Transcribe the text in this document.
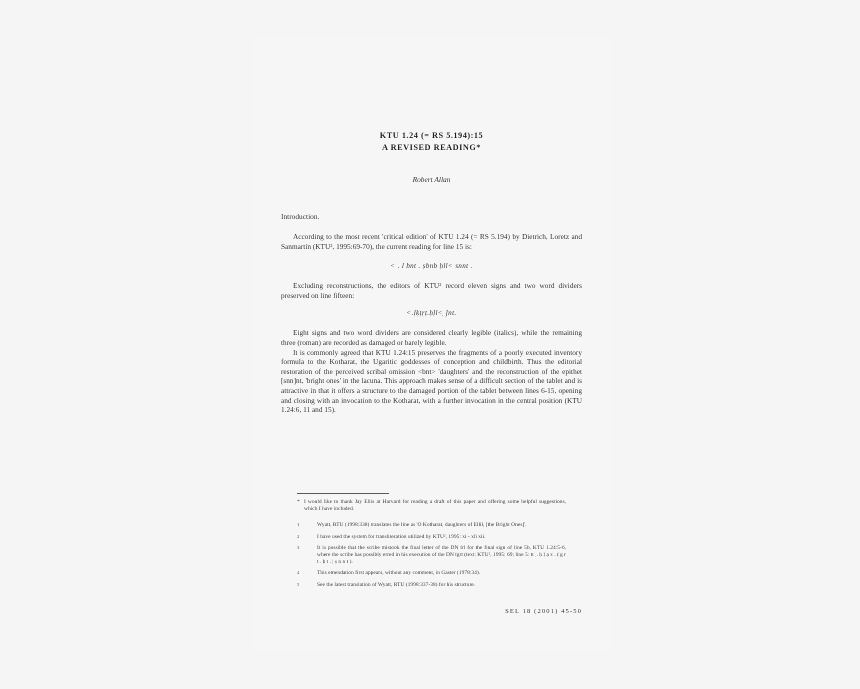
KTU 1.24 (= RS 5.194):15
A REVISED READING*
Robert Allan
Introduction.

According to the most recent 'critical edition' of KTU 1.24 (= RS 5.194) by Dietrich, Loretz and Sanmartín (KTU², 1995:69-70), the current reading for line 15 is:

˂ . l bnt . ṣbnb ḥll˂ snnt .

Excluding reconstructions, the editors of KTU² record eleven signs and two word dividers preserved on line fifteen:

˂.ḷḳṭṛṭ.ḥḷl˂̣ ]nt.

Eight signs and two word dividers are considered clearly legible (italics), while the remaining three (roman) are recorded as damaged or barely legible.

It is commonly agreed that KTU 1.24:15 preserves the fragments of a poorly executed inventory formula to the Kotharat, the Ugaritic goddesses of conception and childbirth. Thus the editorial restoration of the perceived scribal omission <bnt> 'daughters' and the reconstruction of the epithet [snn]nt, 'bright ones' in the lacuna. This approach makes sense of a difficult section of the tablet and is attractive in that it offers a structure to the damaged portion of the tablet between lines 6-15, opening and closing with an invocation to the Kotharat, with a further invocation in the central position (KTU 1.24:6, 11 and 15).

* I would like to thank Jay Ellis at Harvard for reading a draft of this paper and offering some helpful suggestions, which I have included.

1	Wyatt, RTU (1998:338) translates the line as 'O Kotharat, daughters of Ellil, [the Bright Ones]'.

2	I have used the system for transliteration utilized by KTU², 1995: xi - xli xii.

3	It is possible that the scribe mistook the final letter of the DN ṫrṫ for the final sign of line 5b, KTU 1.24:5-6, where the scribe has possibly erred in his execution of the DN ṫgrt (text: KTU², 1995: 69; line 5: tt ̣ . ḥ ḷ ạ x . ṭ̇ g r t . ḅ t . | ṣ n n t ).

4	This emendation first appears, without any comment, in Gaster (1978:34).

5	See the latest translation of Wyatt, RTU (1998:337-38) for his structure.

SEL 18 (2001) 45-50
